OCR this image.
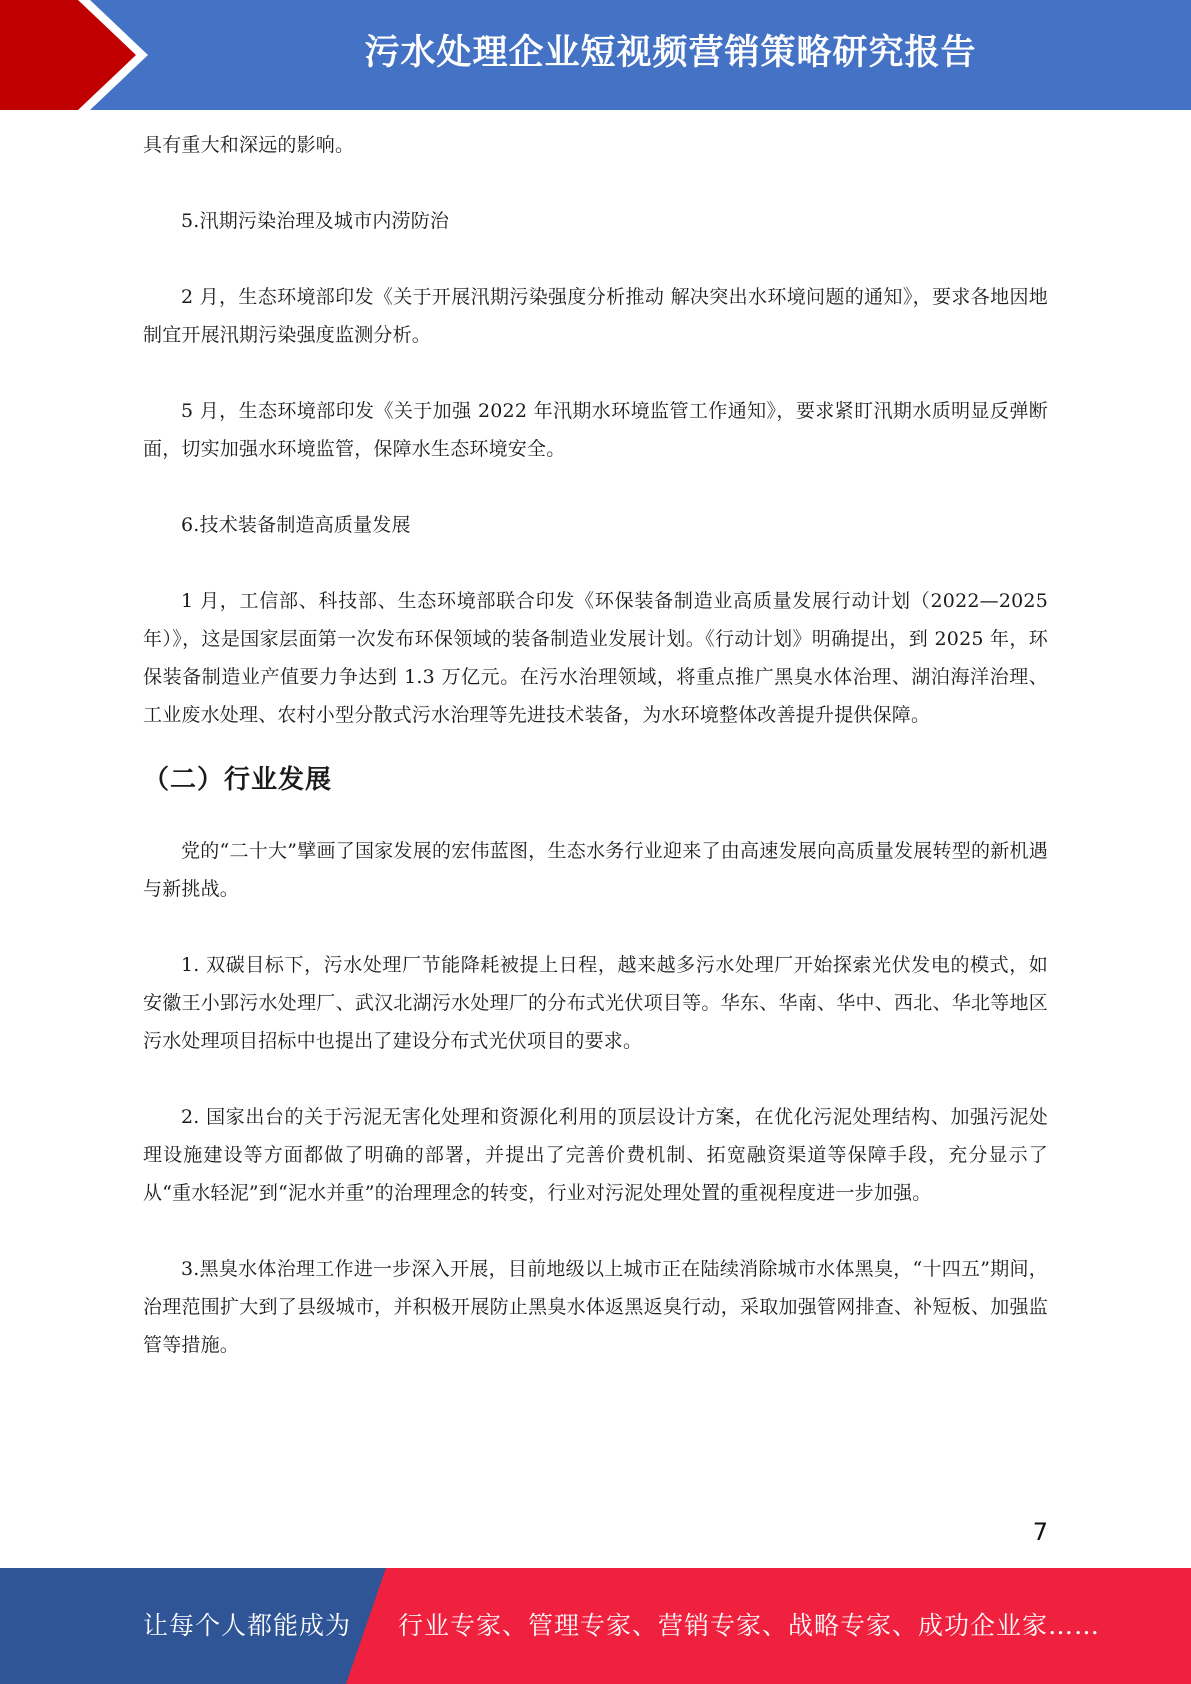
污水处理企业短视频营销策略研究报告

具有重大和深远的影响。

5.汛期污染治理及城市内涝防治

2 月，生态环境部印发《关于开展汛期污染强度分析推动 解决突出水环境问题的通知》，要求各地因地制宜开展汛期污染强度监测分析。

5 月，生态环境部印发《关于加强 2022 年汛期水环境监管工作通知》，要求紧盯汛期水质明显反弹断面，切实加强水环境监管，保障水生态环境安全。

6.技术装备制造高质量发展

1 月，工信部、科技部、生态环境部联合印发《环保装备制造业高质量发展行动计划（2022—2025 年）》，这是国家层面第一次发布环保领域的装备制造业发展计划。《行动计划》明确提出，到 2025 年，环保装备制造业产值要力争达到 1.3 万亿元。在污水治理领域，将重点推广黑臭水体治理、湖泊海洋治理、工业废水处理、农村小型分散式污水治理等先进技术装备，为水环境整体改善提升提供保障。

（二）行业发展

党的“二十大”擘画了国家发展的宏伟蓝图，生态水务行业迎来了由高速发展向高质量发展转型的新机遇与新挑战。

1. 双碳目标下，污水处理厂节能降耗被提上日程，越来越多污水处理厂开始探索光伏发电的模式，如安徽王小郢污水处理厂、武汉北湖污水处理厂的分布式光伏项目等。华东、华南、华中、西北、华北等地区污水处理项目招标中也提出了建设分布式光伏项目的要求。

2. 国家出台的关于污泥无害化处理和资源化利用的顶层设计方案，在优化污泥处理结构、加强污泥处理设施建设等方面都做了明确的部署，并提出了完善价费机制、拓宽融资渠道等保障手段，充分显示了从“重水轻泥”到“泥水并重”的治理理念的转变，行业对污泥处理处置的重视程度进一步加强。

3.黑臭水体治理工作进一步深入开展，目前地级以上城市正在陆续消除城市水体黑臭，“十四五”期间，治理范围扩大到了县级城市，并积极开展防止黑臭水体返黑返臭行动，采取加强管网排查、补短板、加强监管等措施。

7
让每个人都能成为 行业专家、管理专家、营销专家、战略专家、成功企业家……
